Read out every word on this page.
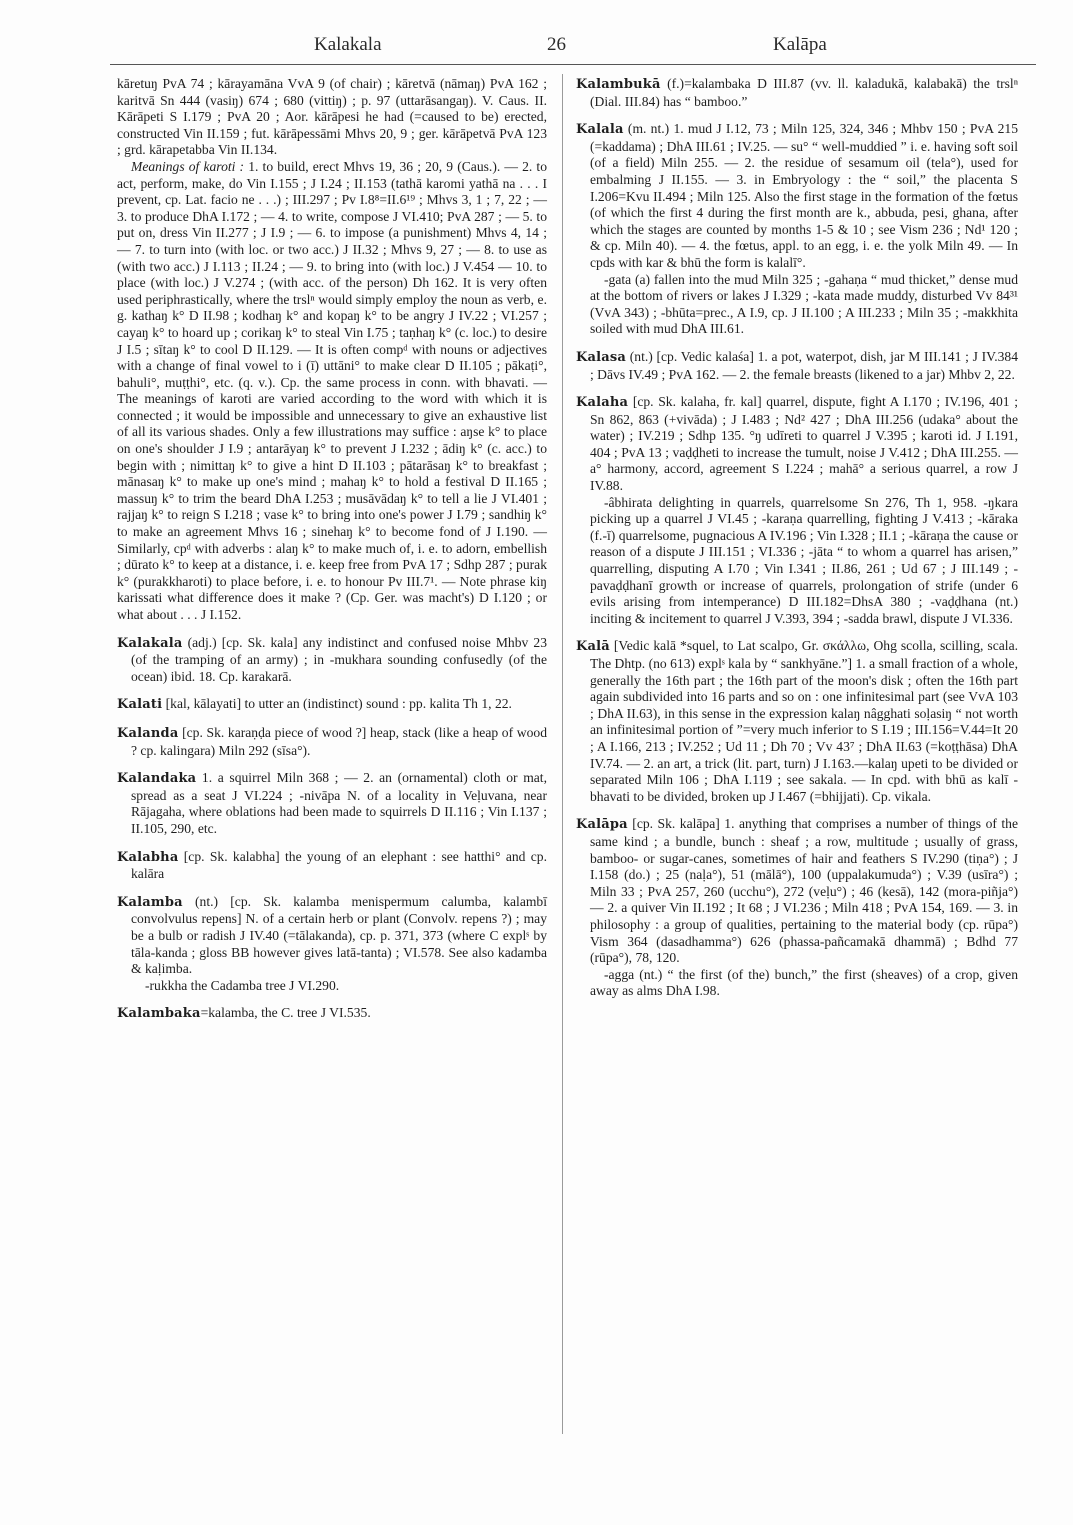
Kalakala	26	Kalāpa

kāretuŋ PvA 74 ; kārayamāna VvA 9 (of chair) ; kāretvā (nāmaŋ) PvA 162 ; karitvā Sn 444 (vasiŋ) 674 ; 680 (vittiŋ) ; p. 97 (uttarāsangaŋ). V. Caus. II. Kārāpeti S I.179 ; PvA 20 ; Aor. kārāpesi he had (=caused to be) erected, constructed Vin II.159 ; fut. kārāpessāmi Mhvs 20, 9 ; ger. kārāpetvā PvA 123 ; grd. kārapetabba Vin II.134.

Meanings of karoti : 1. to build, erect Mhvs 19, 36 ; 20, 9 (Caus.). — 2. to act, perform, make, do Vin I.155 ; J I.24 ; II.153 (tathā karomi yathā na . . . I prevent, cp. Lat. facio ne . . .) ; III.297 ; Pv I.8⁸=II.6¹⁹ ; Mhvs 3, 1 ; 7, 22 ; — 3. to produce DhA I.172 ; — 4. to write, compose J VI.410; PvA 287 ; — 5. to put on, dress Vin II.277 ; J I.9 ; — 6. to impose (a punishment) Mhvs 4, 14 ; — 7. to turn into (with loc. or two acc.) J II.32 ; Mhvs 9, 27 ; — 8. to use as (with two acc.) J I.113 ; II.24 ; — 9. to bring into (with loc.) J V.454 — 10. to place (with loc.) J V.274 ; (with acc. of the person) Dh 162. It is very often used periphrastically, where the trslⁿ would simply employ the noun as verb, e. g. kathaŋ k° D II.98 ; kodhaŋ k° and kopaŋ k° to be angry J IV.22 ; VI.257 ; cayaŋ k° to hoard up ; corikaŋ k° to steal Vin I.75 ; taṇhaŋ k° (c. loc.) to desire J I.5 ; sītaŋ k° to cool D II.129. — It is often compᵈ with nouns or adjectives with a change of final vowel to i (ī) uttāni° to make clear D II.105 ; pākaṭi°, bahuli°, muṭṭhi°, etc. (q. v.). Cp. the same process in conn. with bhavati. — The meanings of karoti are varied according to the word with which it is connected ; it would be impossible and unnecessary to give an exhaustive list of all its various shades. Only a few illustrations may suffice : aŋse k° to place on one's shoulder J I.9 ; antarāyaŋ k° to prevent J I.232 ; ādiŋ k° (c. acc.) to begin with ; nimittaŋ k° to give a hint D II.103 ; pātarāsaŋ k° to breakfast ; mānasaŋ k° to make up one's mind ; mahaŋ k° to hold a festival D II.165 ; massuŋ k° to trim the beard DhA I.253 ; musāvādaŋ k° to tell a lie J VI.401 ; rajjaŋ k° to reign S I.218 ; vase k° to bring into one's power J I.79 ; sandhiŋ k° to make an agreement Mhvs 16 ; sinehaŋ k° to become fond of J I.190. — Similarly, cpᵈ with adverbs : alaŋ k° to make much of, i. e. to adorn, embellish ; dūrato k° to keep at a distance, i. e. keep free from PvA 17 ; Sdhp 287 ; purak k° (purakkharoti) to place before, i. e. to honour Pv III.7¹. — Note phrase kiŋ karissati what difference does it make ? (Cp. Ger. was macht's) D I.120 ; or what about . . . J I.152.

Kalakala (adj.) [cp. Sk. kala] any indistinct and confused noise Mhbv 23 (of the tramping of an army) ; in -mukhara sounding confusedly (of the ocean) ibid. 18. Cp. karakarā.

Kalati [kal, kālayati] to utter an (indistinct) sound : pp. kalita Th 1, 22.

Kalanda [cp. Sk. karaṇḍa piece of wood ?] heap, stack (like a heap of wood ? cp. kalingara) Miln 292 (sīsa°).

Kalandaka 1. a squirrel Miln 368 ; — 2. an (ornamental) cloth or mat, spread as a seat J VI.224 ; -nivāpa N. of a locality in Veḷuvana, near Rājagaha, where oblations had been made to squirrels D II.116 ; Vin I.137 ; II.105, 290, etc.

Kalabha [cp. Sk. kalabha] the young of an elephant : see hatthi° and cp. kalāra

Kalamba (nt.) [cp. Sk. kalamba menispermum calumba, kalambī convolvulus repens] N. of a certain herb or plant (Convolv. repens ?) ; may be a bulb or radish J IV.40 (=tālakanda), cp. p. 371, 373 (where C explˢ by tāla-kanda ; gloss BB however gives latā-tanta) ; VI.578. See also kadamba & kaḷimba.
-rukkha the Cadamba tree J VI.290.

Kalambaka=kalamba, the C. tree J VI.535.

Kalambukā (f.)=kalambaka D III.87 (vv. ll. kaladukā, kalabakā) the trslⁿ (Dial. III.84) has “ bamboo.”

Kalala (m. nt.) 1. mud J I.12, 73 ; Miln 125, 324, 346 ; Mhbv 150 ; PvA 215 (=kaddama) ; DhA III.61 ; IV.25. — su° “ well-muddied ” i. e. having soft soil (of a field) Miln 255. — 2. the residue of sesamum oil (tela°), used for embalming J II.155. — 3. in Embryology : the “ soil,” the placenta S I.206=Kvu II.494 ; Miln 125. Also the first stage in the formation of the fœtus (of which the first 4 during the first month are k., abbuda, pesi, ghana, after which the stages are counted by months 1-5 & 10 ; see Vism 236 ; Nd¹ 120 ; & cp. Miln 40). — 4. the fœtus, appl. to an egg, i. e. the yolk Miln 49. — In cpds with kar & bhū the form is kalalī°.
-gata (a) fallen into the mud Miln 325 ; -gahaṇa “ mud thicket,” dense mud at the bottom of rivers or lakes J I.329 ; -kata made muddy, disturbed Vv 84³¹ (VvA 343) ; -bhūta=prec., A I.9, cp. J II.100 ; A III.233 ; Miln 35 ; -makkhita soiled with mud DhA III.61.

Kalasa (nt.) [cp. Vedic kalaśa] 1. a pot, waterpot, dish, jar M III.141 ; J IV.384 ; Dāvs IV.49 ; PvA 162. — 2. the female breasts (likened to a jar) Mhbv 2, 22.

Kalaha [cp. Sk. kalaha, fr. kal] quarrel, dispute, fight A I.170 ; IV.196, 401 ; Sn 862, 863 (+vivāda) ; J I.483 ; Nd² 427 ; DhA III.256 (udaka° about the water) ; IV.219 ; Sdhp 135. °ŋ udīreti to quarrel J V.395 ; karoti id. J I.191, 404 ; PvA 13 ; vaḍḍheti to increase the tumult, noise J V.412 ; DhA III.255. — a° harmony, accord, agreement S I.224 ; mahā° a serious quarrel, a row J IV.88.
-âbhirata delighting in quarrels, quarrelsome Sn 276, Th 1, 958. -ŋkara picking up a quarrel J VI.45 ; -karaṇa quarrelling, fighting J V.413 ; -kāraka (f.-ī) quarrelsome, pugnacious A IV.196 ; Vin I.328 ; II.1 ; -kāraṇa the cause or reason of a dispute J III.151 ; VI.336 ; -jāta “ to whom a quarrel has arisen,” quarrelling, disputing A I.70 ; Vin I.341 ; II.86, 261 ; Ud 67 ; J III.149 ; -pavaḍḍhanī growth or increase of quarrels, prolongation of strife (under 6 evils arising from intemperance) D III.182=DhsA 380 ; -vaḍḍhana (nt.) inciting & incitement to quarrel J V.393, 394 ; -sadda brawl, dispute J VI.336.

Kalā [Vedic kalā *squel, to Lat scalpo, Gr. σκάλλω, Ohg scolla, scilling, scala. The Dhtp. (no 613) explˢ kala by “ sankhyāne.”] 1. a small fraction of a whole, generally the 16th part ; the 16th part of the moon's disk ; often the 16th part again subdivided into 16 parts and so on : one infinitesimal part (see VvA 103 ; DhA II.63), in this sense in the expression kalaŋ nâgghati soḷasiŋ “ not worth an infinitesimal portion of ”=very much inferior to S I.19 ; III.156=V.44=It 20 ; A I.166, 213 ; IV.252 ; Ud 11 ; Dh 70 ; Vv 43⁷ ; DhA II.63 (=koṭṭhāsa) DhA IV.74. — 2. an art, a trick (lit. part, turn) J I.163.—kalaŋ upeti to be divided or separated Miln 106 ; DhA I.119 ; see sakala. — In cpd. with bhū as kalī -bhavati to be divided, broken up J I.467 (=bhijjati). Cp. vikala.

Kalāpa [cp. Sk. kalāpa] 1. anything that comprises a number of things of the same kind ; a bundle, bunch : sheaf ; a row, multitude ; usually of grass, bamboo- or sugar-canes, sometimes of hair and feathers S IV.290 (tiṇa°) ; J I.158 (do.) ; 25 (naḷa°), 51 (mālā°), 100 (uppalakumuda°) ; V.39 (usīra°) ; Miln 33 ; PvA 257, 260 (ucchu°), 272 (veḷu°) ; 46 (kesā), 142 (mora-piñja°) — 2. a quiver Vin II.192 ; It 68 ; J VI.236 ; Miln 418 ; PvA 154, 169. — 3. in philosophy : a group of qualities, pertaining to the material body (cp. rūpa°) Vism 364 (dasadhamma°) 626 (phassa-pañcamakā dhammā) ; Bdhd 77 (rūpa°), 78, 120.
-agga (nt.) “ the first (of the) bunch,” the first (sheaves) of a crop, given away as alms DhA I.98.
